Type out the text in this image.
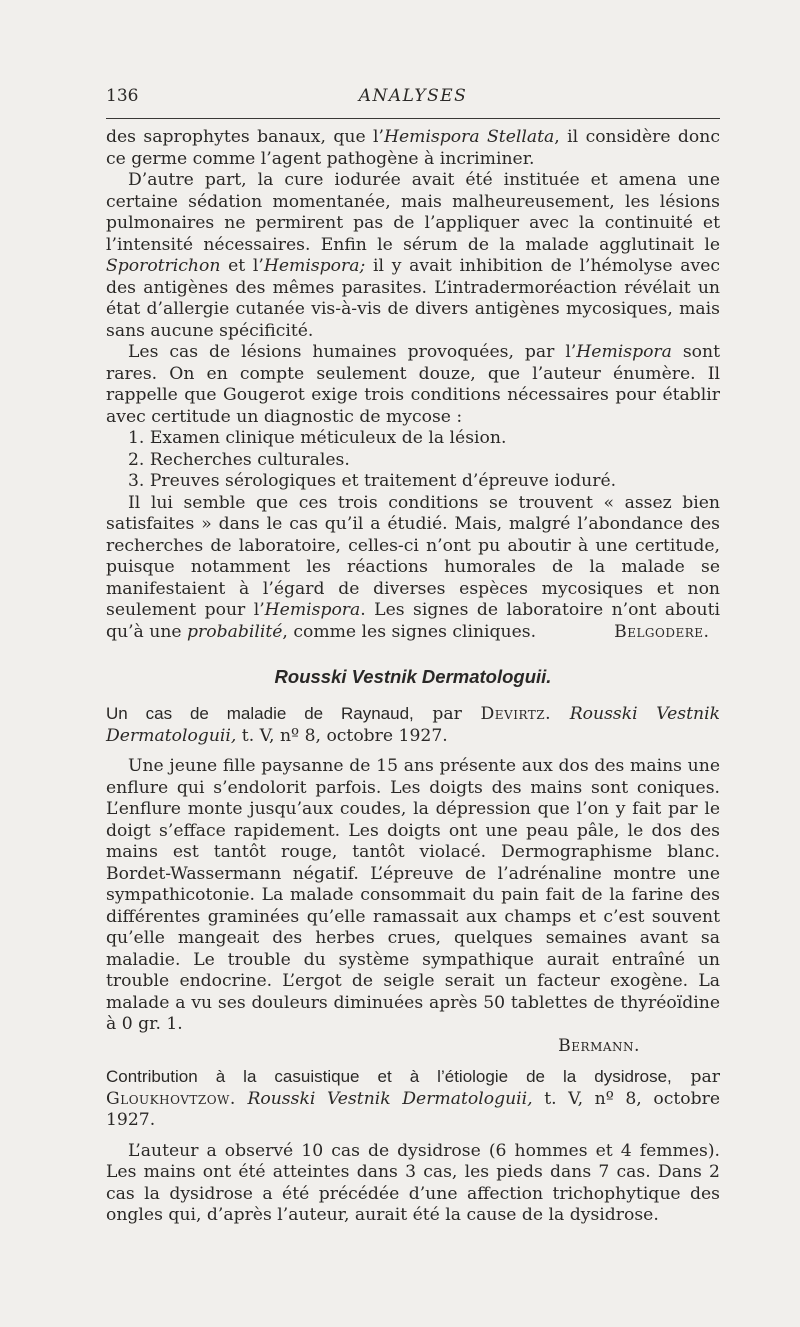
136	ANALYSES

des saprophytes banaux, que l’Hemispora Stellata, il considère donc ce germe comme l’agent pathogène à incriminer.

D’autre part, la cure iodurée avait été instituée et amena une certaine sédation momentanée, mais malheureusement, les lésions pulmonaires ne permirent pas de l’appliquer avec la continuité et l’intensité nécessaires. Enfin le sérum de la malade agglutinait le Sporotrichon et l’Hemispora; il y avait inhibition de l’hémolyse avec des antigènes des mêmes parasites. L’intradermoréaction révélait un état d’allergie cutanée vis-à-vis de divers antigènes mycosiques, mais sans aucune spécificité.

Les cas de lésions humaines provoquées, par l’Hemispora sont rares. On en compte seulement douze, que l’auteur énumère. Il rappelle que Gougerot exige trois conditions nécessaires pour établir avec certitude un diagnostic de mycose :

1. Examen clinique méticuleux de la lésion.

2. Recherches culturales.

3. Preuves sérologiques et traitement d’épreuve ioduré.

Il lui semble que ces trois conditions se trouvent « assez bien satisfaites » dans le cas qu’il a étudié. Mais, malgré l’abondance des recherches de laboratoire, celles-ci n’ont pu aboutir à une certitude, puisque notamment les réactions humorales de la malade se manifestaient à l’égard de diverses espèces mycosiques et non seulement pour l’Hemispora. Les signes de laboratoire n’ont abouti qu’à une probabilité, comme les signes cliniques.	Belgodere.

Rousski Vestnik Dermatologuii.

Un cas de maladie de Raynaud, par Devirtz. Rousski Vestnik Dermatologuii, t. V, nº 8, octobre 1927.

Une jeune fille paysanne de 15 ans présente aux dos des mains une enflure qui s’endolorit parfois. Les doigts des mains sont coniques. L’enflure monte jusqu’aux coudes, la dépression que l’on y fait par le doigt s’efface rapidement. Les doigts ont une peau pâle, le dos des mains est tantôt rouge, tantôt violacé. Dermographisme blanc. Bordet-Wassermann négatif. L’épreuve de l’adrénaline montre une sympathicotonie. La malade consommait du pain fait de la farine des différentes graminées qu’elle ramassait aux champs et c’est souvent qu’elle mangeait des herbes crues, quelques semaines avant sa maladie. Le trouble du système sympathique aurait entraîné un trouble endocrine. L’ergot de seigle serait un facteur exogène. La malade a vu ses douleurs diminuées après 50 tablettes de thyréoïdine à 0 gr. 1.

Bermann.

Contribution à la casuistique et à l’étiologie de la dysidrose, par Gloukhovtzow. Rousski Vestnik Dermatologuii, t. V, nº 8, octobre 1927.

L’auteur a observé 10 cas de dysidrose (6 hommes et 4 femmes). Les mains ont été atteintes dans 3 cas, les pieds dans 7 cas. Dans 2 cas la dysidrose a été précédée d’une affection trichophytique des ongles qui, d’après l’auteur, aurait été la cause de la dysidrose.
